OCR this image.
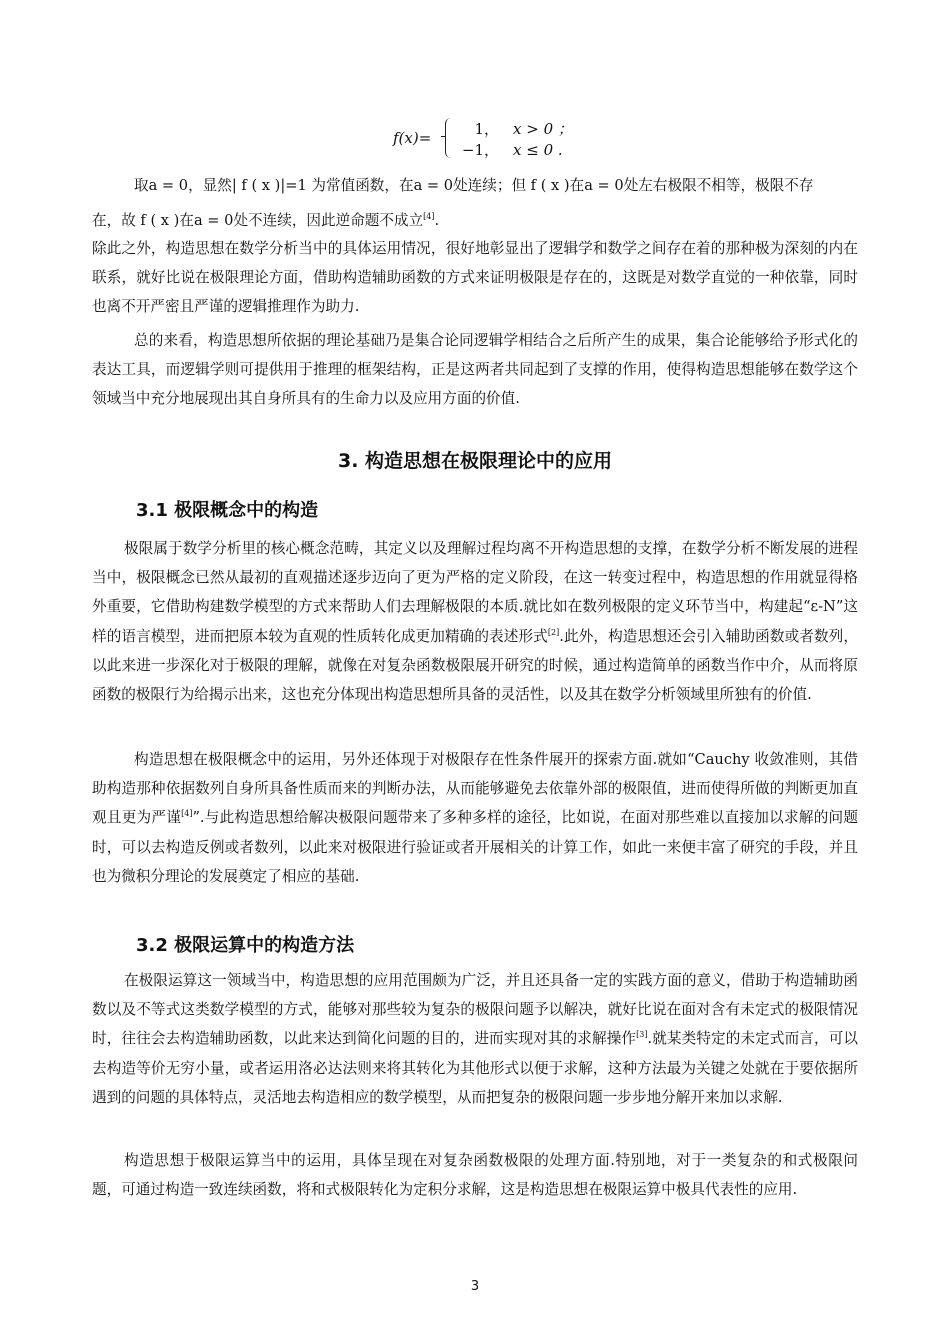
f(x)=	1， x > 0 ；
−1， x ≤ 0 .

取a = 0，显然| f ( x )|=1 为常值函数，在a = 0处连续；但 f ( x )在a = 0处左右极限不相等，极限不存

在，故 f ( x )在a = 0处不连续，因此逆命题不成立[4].

除此之外，构造思想在数学分析当中的具体运用情况，很好地彰显出了逻辑学和数学之间存在着的那种极为深刻的内在联系，就好比说在极限理论方面，借助构造辅助函数的方式来证明极限是存在的，这既是对数学直觉的一种依靠，同时也离不开严密且严谨的逻辑推理作为助力.

总的来看，构造思想所依据的理论基础乃是集合论同逻辑学相结合之后所产生的成果，集合论能够给予形式化的表达工具，而逻辑学则可提供用于推理的框架结构，正是这两者共同起到了支撑的作用，使得构造思想能够在数学这个领域当中充分地展现出其自身所具有的生命力以及应用方面的价值.

3. 构造思想在极限理论中的应用
3.1 极限概念中的构造

极限属于数学分析里的核心概念范畴，其定义以及理解过程均离不开构造思想的支撑，在数学分析不断发展的进程当中，极限概念已然从最初的直观描述逐步迈向了更为严格的定义阶段，在这一转变过程中，构造思想的作用就显得格外重要，它借助构建数学模型的方式来帮助人们去理解极限的本质.就比如在数列极限的定义环节当中，构建起“ε-N”这样的语言模型，进而把原本较为直观的性质转化成更加精确的表述形式[2].此外，构造思想还会引入辅助函数或者数列，以此来进一步深化对于极限的理解，就像在对复杂函数极限展开研究的时候，通过构造简单的函数当作中介，从而将原函数的极限行为给揭示出来，这也充分体现出构造思想所具备的灵活性，以及其在数学分析领域里所独有的价值.

构造思想在极限概念中的运用，另外还体现于对极限存在性条件展开的探索方面.就如“Cauchy 收敛准则，其借助构造那种依据数列自身所具备性质而来的判断办法，从而能够避免去依靠外部的极限值，进而使得所做的判断更加直观且更为严谨[4]”.与此构造思想给解决极限问题带来了多种多样的途径，比如说，在面对那些难以直接加以求解的问题时，可以去构造反例或者数列，以此来对极限进行验证或者开展相关的计算工作，如此一来便丰富了研究的手段，并且也为微积分理论的发展奠定了相应的基础.

3.2 极限运算中的构造方法

在极限运算这一领域当中，构造思想的应用范围颇为广泛，并且还具备一定的实践方面的意义，借助于构造辅助函数以及不等式这类数学模型的方式，能够对那些较为复杂的极限问题予以解决，就好比说在面对含有未定式的极限情况时，往往会去构造辅助函数，以此来达到简化问题的目的，进而实现对其的求解操作[3].就某类特定的未定式而言，可以去构造等价无穷小量，或者运用洛必达法则来将其转化为其他形式以便于求解，这种方法最为关键之处就在于要依据所遇到的问题的具体特点，灵活地去构造相应的数学模型，从而把复杂的极限问题一步步地分解开来加以求解.

构造思想于极限运算当中的运用，具体呈现在对复杂函数极限的处理方面.特别地，对于一类复杂的和式极限问题，可通过构造一致连续函数，将和式极限转化为定积分求解，这是构造思想在极限运算中极具代表性的应用.

3
